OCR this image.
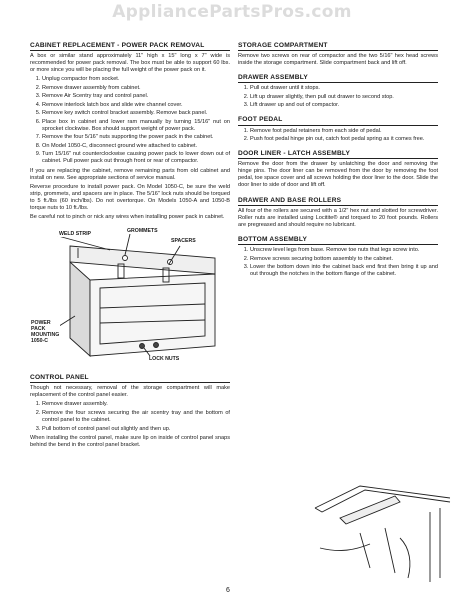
AppliancePartsPros.com
CABINET REPLACEMENT - POWER PACK REMOVAL

A box or similar stand approximately 11" high x 15" long x 7" wide is recommended for power pack removal. The box must be able to support 60 lbs. or more since you will be placing the full weight of the power pack on it.

1. Unplug compactor from socket.
2. Remove drawer assembly from cabinet.
3. Remove Air Scentry tray and control panel.
4. Remove interlock latch box and slide wire channel cover.
5. Remove key switch control bracket assembly. Remove back panel.
6. Place box in cabinet and lower ram manually by turning 15/16" nut on sprocket clockwise. Box should support weight of power pack.
7. Remove the four 5/16" nuts supporting the power pack in the cabinet.
8. On Model 1050-C, disconnect ground wire attached to cabinet.
9. Turn 15/16" nut counterclockwise causing power pack to lower down out of cabinet. Pull power pack out through front or rear of compactor.

If you are replacing the cabinet, remove remaining parts from old cabinet and install on new. See appropriate sections of service manual.

Reverse procedure to install power pack. On Model 1050-C, be sure the weld strip, grommets, and spacers are in place. The 5/16" lock nuts should be torqued to 5 ft./lbs (60 inch/lbs). Do not overtorque. On Models 1050-A and 1050-B torque nuts to 10 ft./lbs.

Be careful not to pinch or nick any wires when installing power pack in cabinet.

WELD STRIP	GROMMETS
SPACERS
POWER PACK MOUNTING 1050-C
LOCK NUTS
CONTROL PANEL

Though not necessary, removal of the storage compartment will make replacement of the control panel easier.

1. Remove drawer assembly.
2. Remove the four screws securing the air scentry tray and the bottom of control panel to the cabinet.
3. Pull bottom of control panel out slightly and then up.

When installing the control panel, make sure lip on inside of control panel snaps behind the bend in the control panel bracket.

STORAGE COMPARTMENT

Remove two screws on rear of compactor and the two 5/16" hex head screws inside the storage compartment. Slide compartment back and lift off.

DRAWER ASSEMBLY
1. Pull out drawer until it stops.
2. Lift up drawer slightly, then pull out drawer to second stop.
3. Lift drawer up and out of compactor.
FOOT PEDAL
1. Remove foot pedal retainers from each side of pedal.
2. Push foot pedal hinge pin out, catch foot pedal spring as it comes free.
DOOR LINER - LATCH ASSEMBLY

Remove the door from the drawer by unlatching the door and removing the hinge pins. The door liner can be removed from the door by removing the foot pedal, toe space cover and all screws holding the door liner to the door. Slide the door liner to side of door and lift off.

DRAWER AND BASE ROLLERS

All four of the rollers are secured with a 1/2" hex nut and slotted for screwdriver. Roller nuts are installed using Locitite® and torqued to 20 foot pounds. Rollers are pregreased and should require no lubricant.

BOTTOM ASSEMBLY
1. Unscrew level legs from base. Remove toe nuts that legs screw into.
2. Remove screws securing bottom assembly to the cabinet.
3. Lower the bottom down into the cabinet back end first then bring it up and out through the notches in the bottom flange of the cabinet.
6
